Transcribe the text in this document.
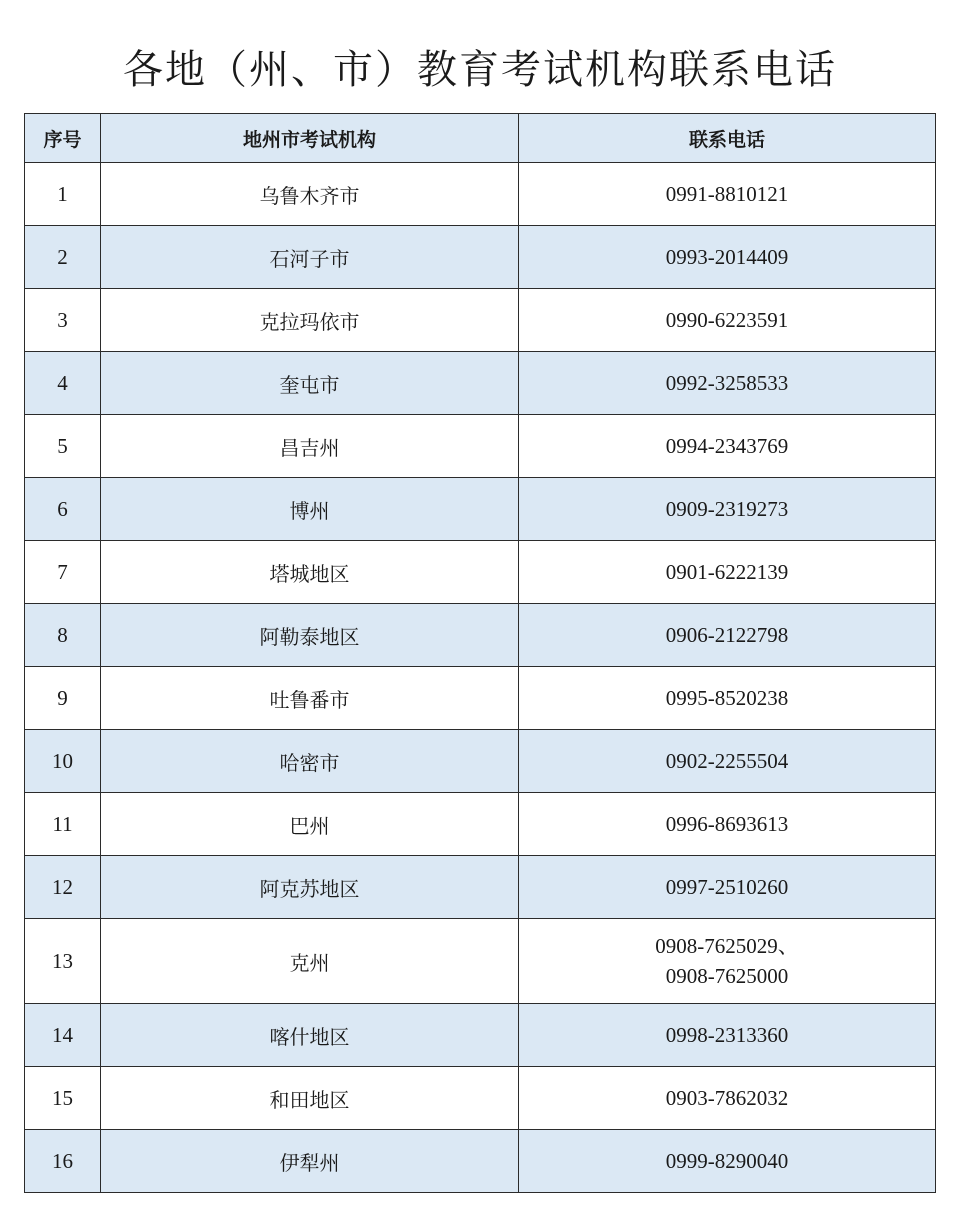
各地（州、市）教育考试机构联系电话
序号	地州市考试机构	联系电话
1	乌鲁木齐市	0991-8810121

2	石河子市	0993-2014409

3	克拉玛依市	0990-6223591

4	奎屯市	0992-3258533

5	昌吉州	0994-2343769

6	博州	0909-2319273

7	塔城地区	0901-6222139

8	阿勒泰地区	0906-2122798

9	吐鲁番市	0995-8520238

10	哈密市	0902-2255504

11	巴州	0996-8693613

12	阿克苏地区	0997-2510260

13	克州	0908-7625029、
0908-7625000

14	喀什地区	0998-2313360

15	和田地区	0903-7862032

16	伊犁州	0999-8290040
